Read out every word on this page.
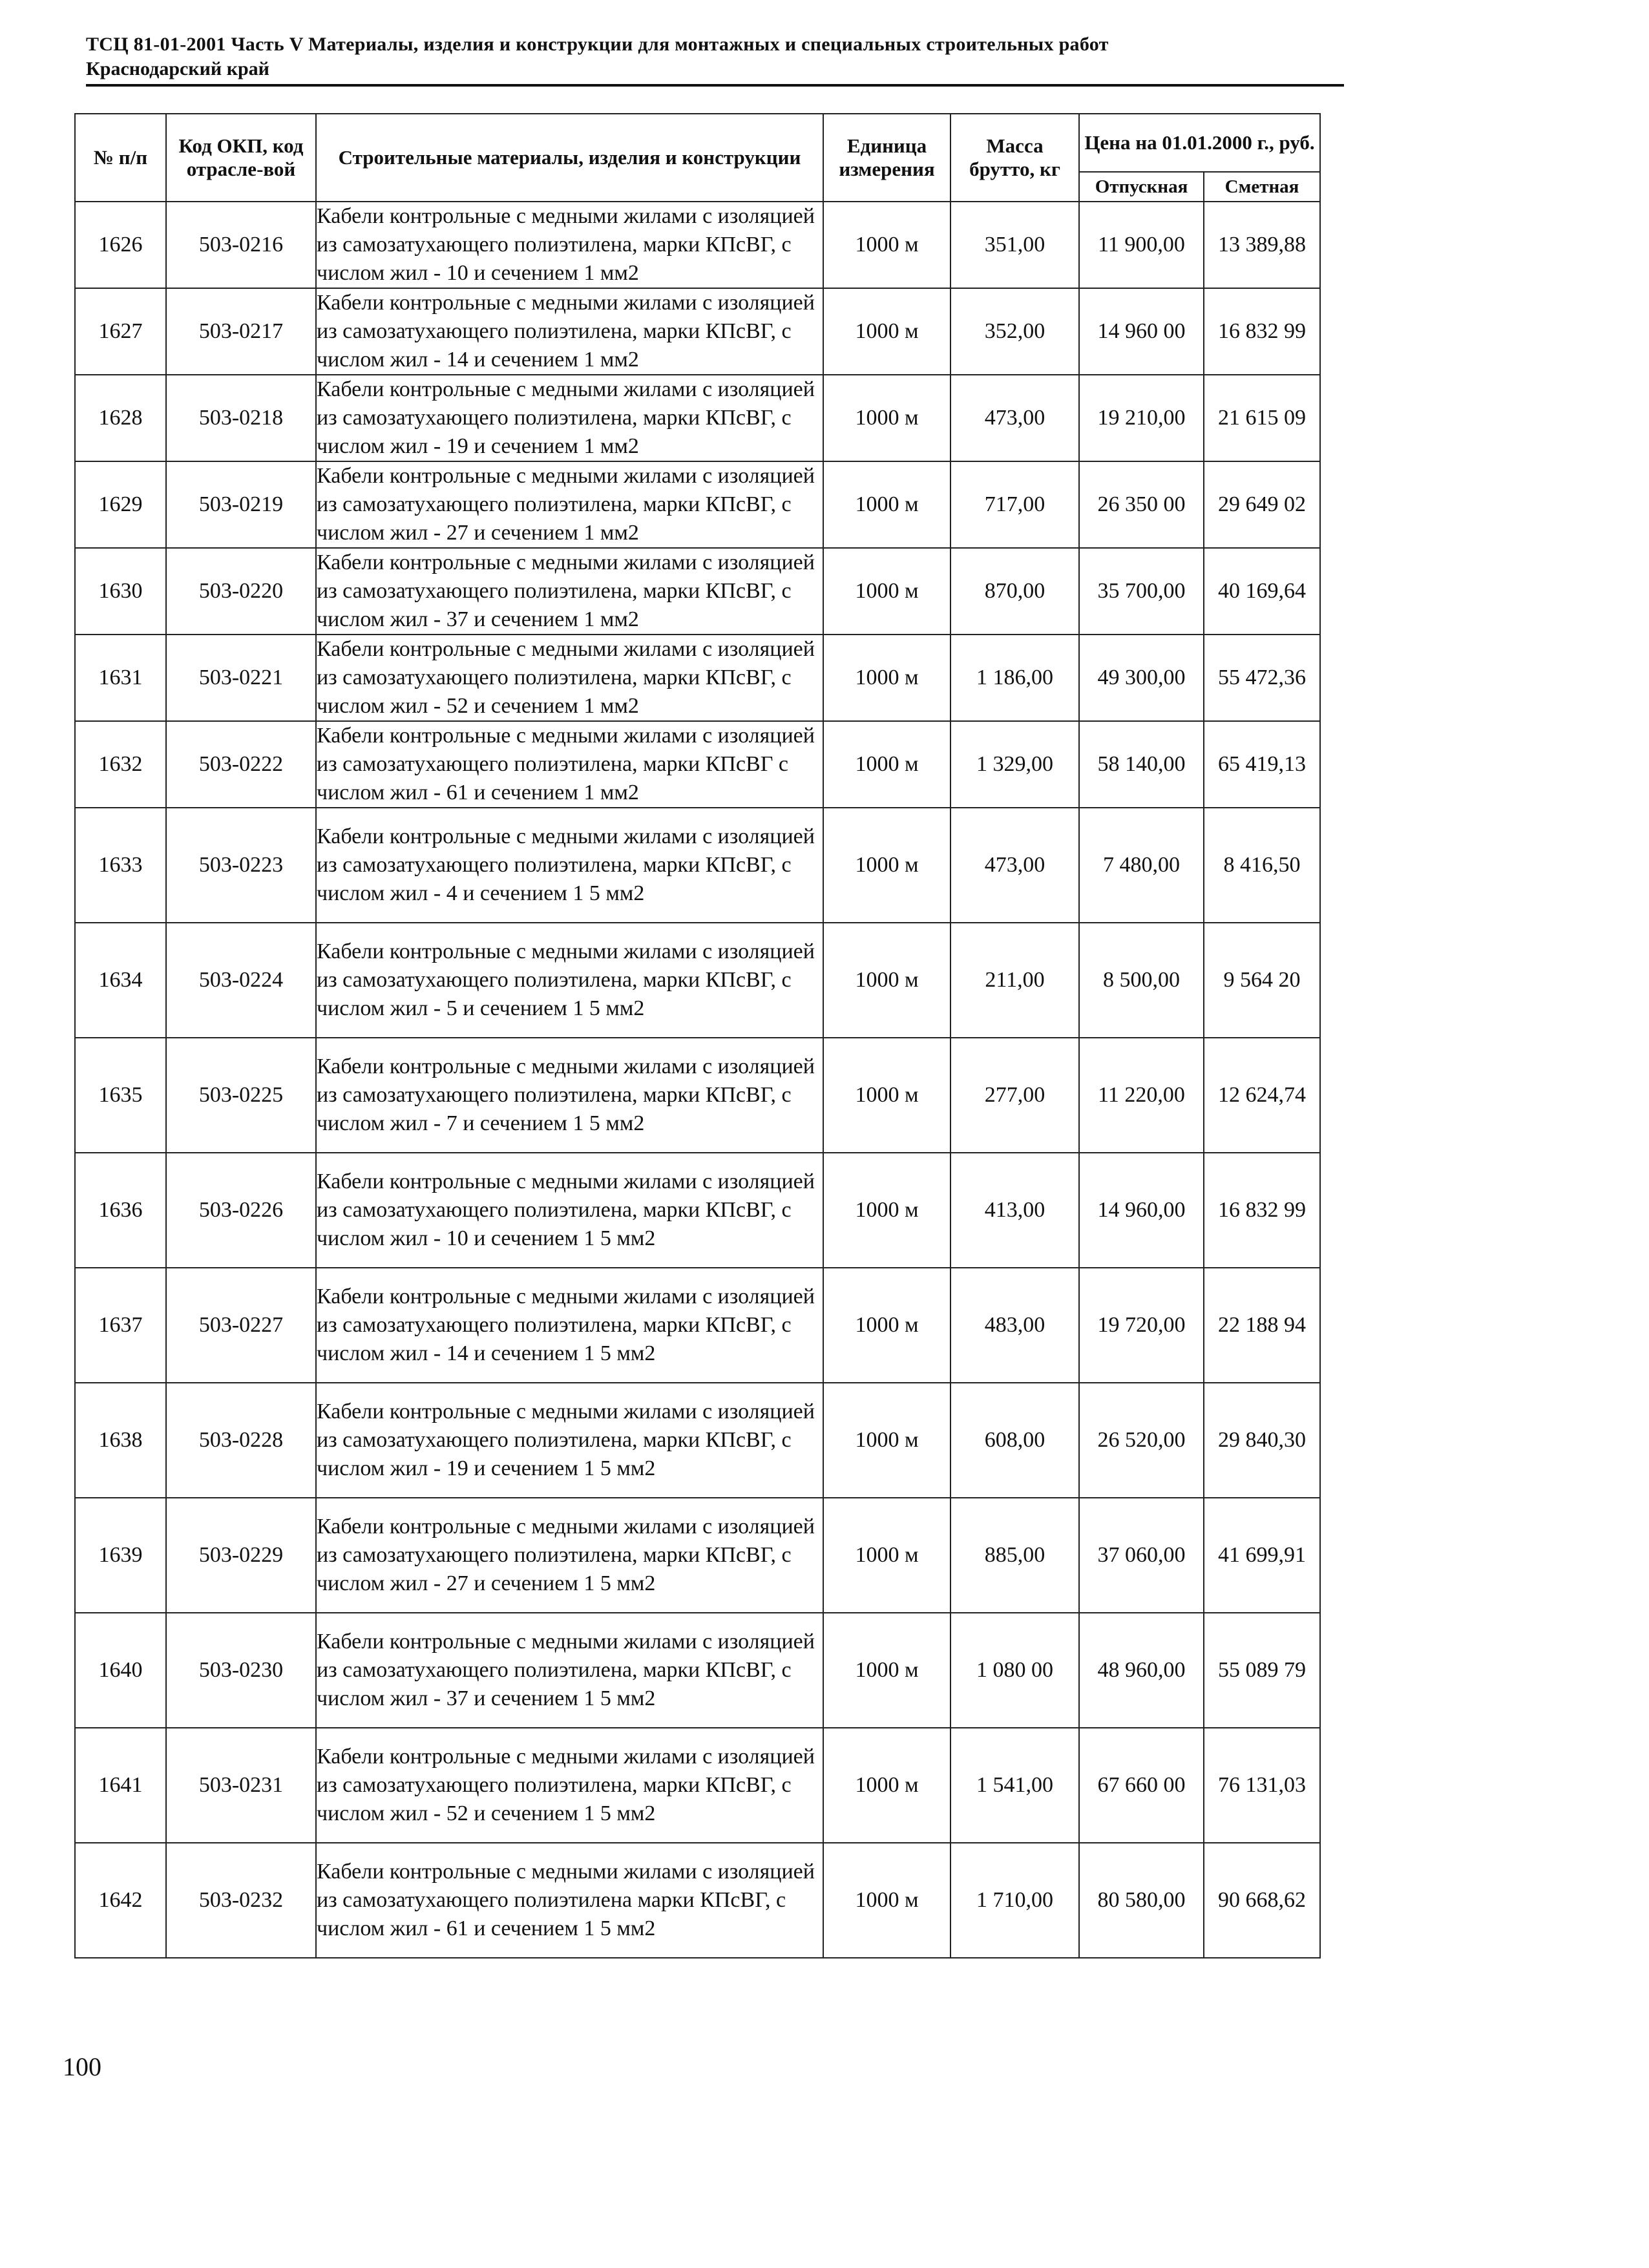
ТСЦ 81-01-2001 Часть V Материалы, изделия и конструкции для монтажных и специальных строительных работ
Краснодарский край
№ п/п	Код ОКП, код отрасле-вой	Строительные материалы, изделия и конструкции	Единица измерения	Масса брутто, кг	Цена на 01.01.2000 г., руб.	
					Отпускная	Сметная
1626	503-0216	Кабели контрольные с медными жилами с изоляцией из самозатухающего полиэтилена, марки КПсВГ, с числом жил - 10 и сечением 1 мм2	1000 м	351,00	11 900,00	13 389,88
1627	503-0217	Кабели контрольные с медными жилами с изоляцией из самозатухающего полиэтилена, марки КПсВГ, с числом жил - 14 и сечением 1 мм2	1000 м	352,00	14 960 00	16 832 99
1628	503-0218	Кабели контрольные с медными жилами с изоляцией из самозатухающего полиэтилена, марки КПсВГ, с числом жил - 19 и сечением 1 мм2	1000 м	473,00	19 210,00	21 615 09
1629	503-0219	Кабели контрольные с медными жилами с изоляцией из самозатухающего полиэтилена, марки КПсВГ, с числом жил - 27 и сечением 1 мм2	1000 м	717,00	26 350 00	29 649 02
1630	503-0220	Кабели контрольные с медными жилами с изоляцией из самозатухающего полиэтилена, марки КПсВГ, с числом жил - 37 и сечением 1 мм2	1000 м	870,00	35 700,00	40 169,64
1631	503-0221	Кабели контрольные с медными жилами с изоляцией из самозатухающего полиэтилена, марки КПсВГ, с числом жил - 52 и сечением 1 мм2	1000 м	1 186,00	49 300,00	55 472,36
1632	503-0222	Кабели контрольные с медными жилами с изоляцией из самозатухающего полиэтилена, марки КПсВГ с числом жил - 61 и сечением 1 мм2	1000 м	1 329,00	58 140,00	65 419,13
1633	503-0223	Кабели контрольные с медными жилами с изоляцией из самозатухающего полиэтилена, марки КПсВГ, с числом жил - 4 и сечением 1 5 мм2	1000 м	473,00	7 480,00	8 416,50
1634	503-0224	Кабели контрольные с медными жилами с изоляцией из самозатухающего полиэтилена, марки КПсВГ, с числом жил - 5 и сечением 1 5 мм2	1000 м	211,00	8 500,00	9 564 20
1635	503-0225	Кабели контрольные с медными жилами с изоляцией из самозатухающего полиэтилена, марки КПсВГ, с числом жил - 7 и сечением 1 5 мм2	1000 м	277,00	11 220,00	12 624,74
1636	503-0226	Кабели контрольные с медными жилами с изоляцией из самозатухающего полиэтилена, марки КПсВГ, с числом жил - 10 и сечением 1 5 мм2	1000 м	413,00	14 960,00	16 832 99
1637	503-0227	Кабели контрольные с медными жилами с изоляцией из самозатухающего полиэтилена, марки КПсВГ, с числом жил - 14 и сечением 1 5 мм2	1000 м	483,00	19 720,00	22 188 94
1638	503-0228	Кабели контрольные с медными жилами с изоляцией из самозатухающего полиэтилена, марки КПсВГ, с числом жил - 19 и сечением 1 5 мм2	1000 м	608,00	26 520,00	29 840,30
1639	503-0229	Кабели контрольные с медными жилами с изоляцией из самозатухающего полиэтилена, марки КПсВГ, с числом жил - 27 и сечением 1 5 мм2	1000 м	885,00	37 060,00	41 699,91
1640	503-0230	Кабели контрольные с медными жилами с изоляцией из самозатухающего полиэтилена, марки КПсВГ, с числом жил - 37 и сечением 1 5 мм2	1000 м	1 080 00	48 960,00	55 089 79
1641	503-0231	Кабели контрольные с медными жилами с изоляцией из самозатухающего полиэтилена, марки КПсВГ, с числом жил - 52 и сечением 1 5 мм2	1000 м	1 541,00	67 660 00	76 131,03
1642	503-0232	Кабели контрольные с медными жилами с изоляцией из самозатухающего полиэтилена марки КПсВГ, с числом жил - 61 и сечением 1 5 мм2	1000 м	1 710,00	80 580,00	90 668,62
100
